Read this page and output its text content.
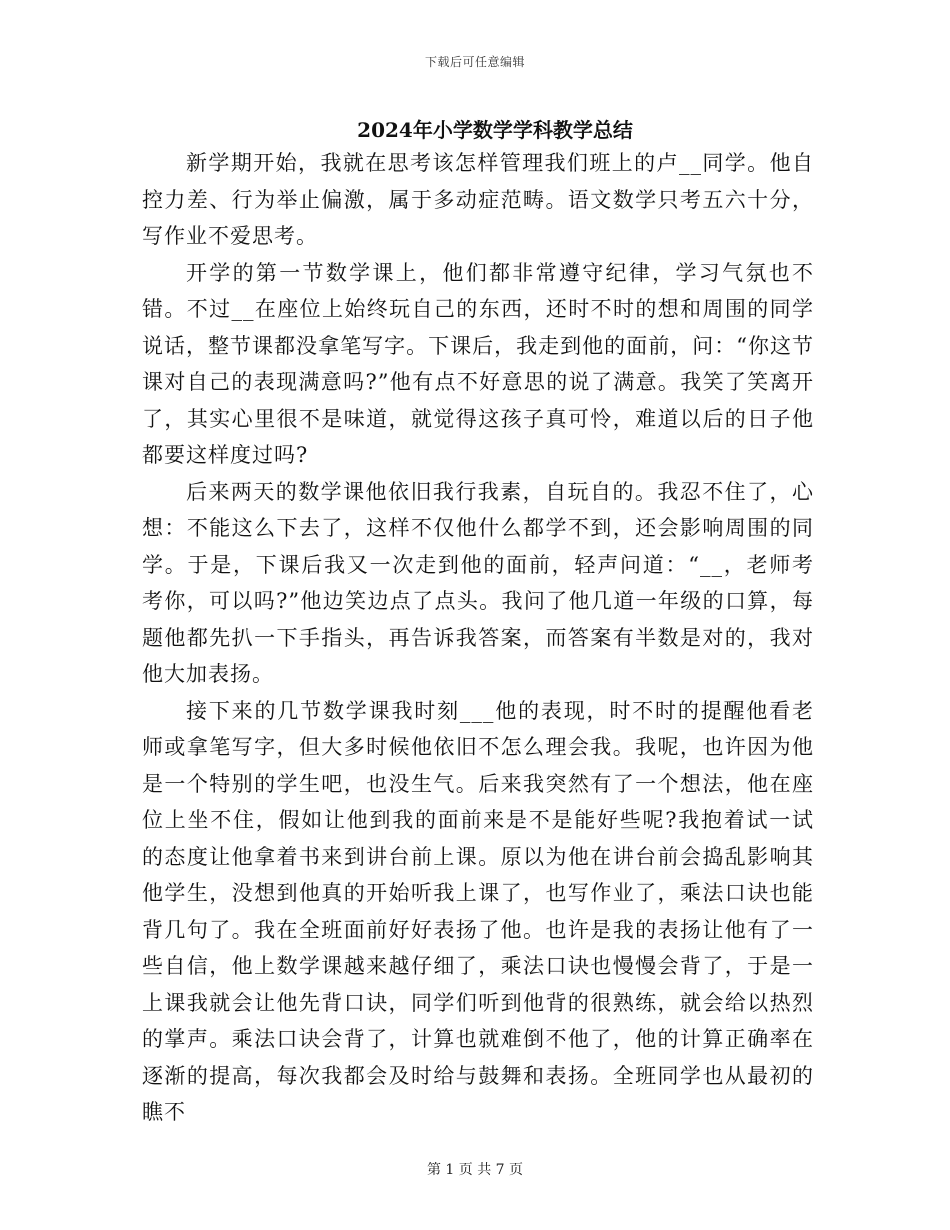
下载后可任意编辑
2024年小学数学学科教学总结

新学期开始，我就在思考该怎样管理我们班上的卢__同学。他自控力差、行为举止偏激，属于多动症范畴。语文数学只考五六十分，写作业不爱思考。

开学的第一节数学课上，他们都非常遵守纪律，学习气氛也不错。不过__在座位上始终玩自己的东西，还时不时的想和周围的同学说话，整节课都没拿笔写字。下课后，我走到他的面前，问：“你这节课对自己的表现满意吗?”他有点不好意思的说了满意。我笑了笑离开了，其实心里很不是味道，就觉得这孩子真可怜，难道以后的日子他都要这样度过吗?

后来两天的数学课他依旧我行我素，自玩自的。我忍不住了，心想：不能这么下去了，这样不仅他什么都学不到，还会影响周围的同学。于是，下课后我又一次走到他的面前，轻声问道：“__，老师考考你，可以吗?”他边笑边点了点头。我问了他几道一年级的口算，每题他都先扒一下手指头，再告诉我答案，而答案有半数是对的，我对他大加表扬。

接下来的几节数学课我时刻___他的表现，时不时的提醒他看老师或拿笔写字，但大多时候他依旧不怎么理会我。我呢，也许因为他是一个特别的学生吧，也没生气。后来我突然有了一个想法，他在座位上坐不住，假如让他到我的面前来是不是能好些呢?我抱着试一试的态度让他拿着书来到讲台前上课。原以为他在讲台前会捣乱影响其他学生，没想到他真的开始听我上课了，也写作业了，乘法口诀也能背几句了。我在全班面前好好表扬了他。也许是我的表扬让他有了一些自信，他上数学课越来越仔细了，乘法口诀也慢慢会背了，于是一上课我就会让他先背口诀，同学们听到他背的很熟练，就会给以热烈的掌声。乘法口诀会背了，计算也就难倒不他了，他的计算正确率在逐渐的提高，每次我都会及时给与鼓舞和表扬。全班同学也从最初的瞧不

第 1 页 共 7 页
